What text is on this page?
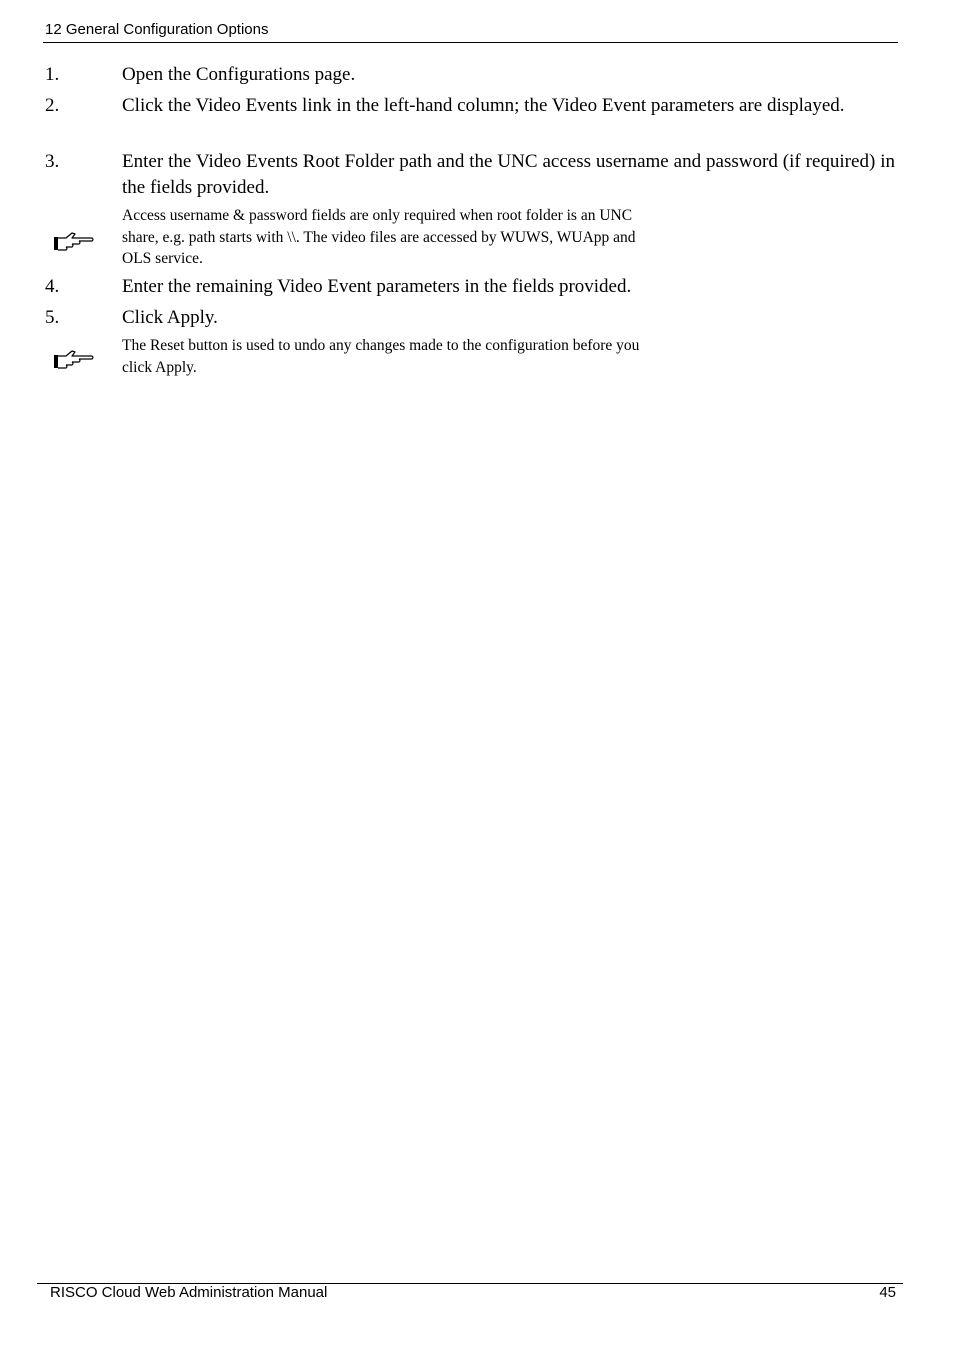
12 General Configuration Options
1.	Open the Configurations page.
2.	Click the Video Events link in the left-hand column; the Video Event parameters are displayed.
3.	Enter the Video Events Root Folder path and the UNC access username and password (if required) in the fields provided.
Access username & password fields are only required when root folder is an UNC
share, e.g. path starts with \\. The video files are accessed by WUWS, WUApp and
OLS service.
4.	Enter the remaining Video Event parameters in the fields provided.
5.	Click Apply.
The Reset button is used to undo any changes made to the configuration before you
click Apply.
RISCO Cloud Web Administration Manual	45
